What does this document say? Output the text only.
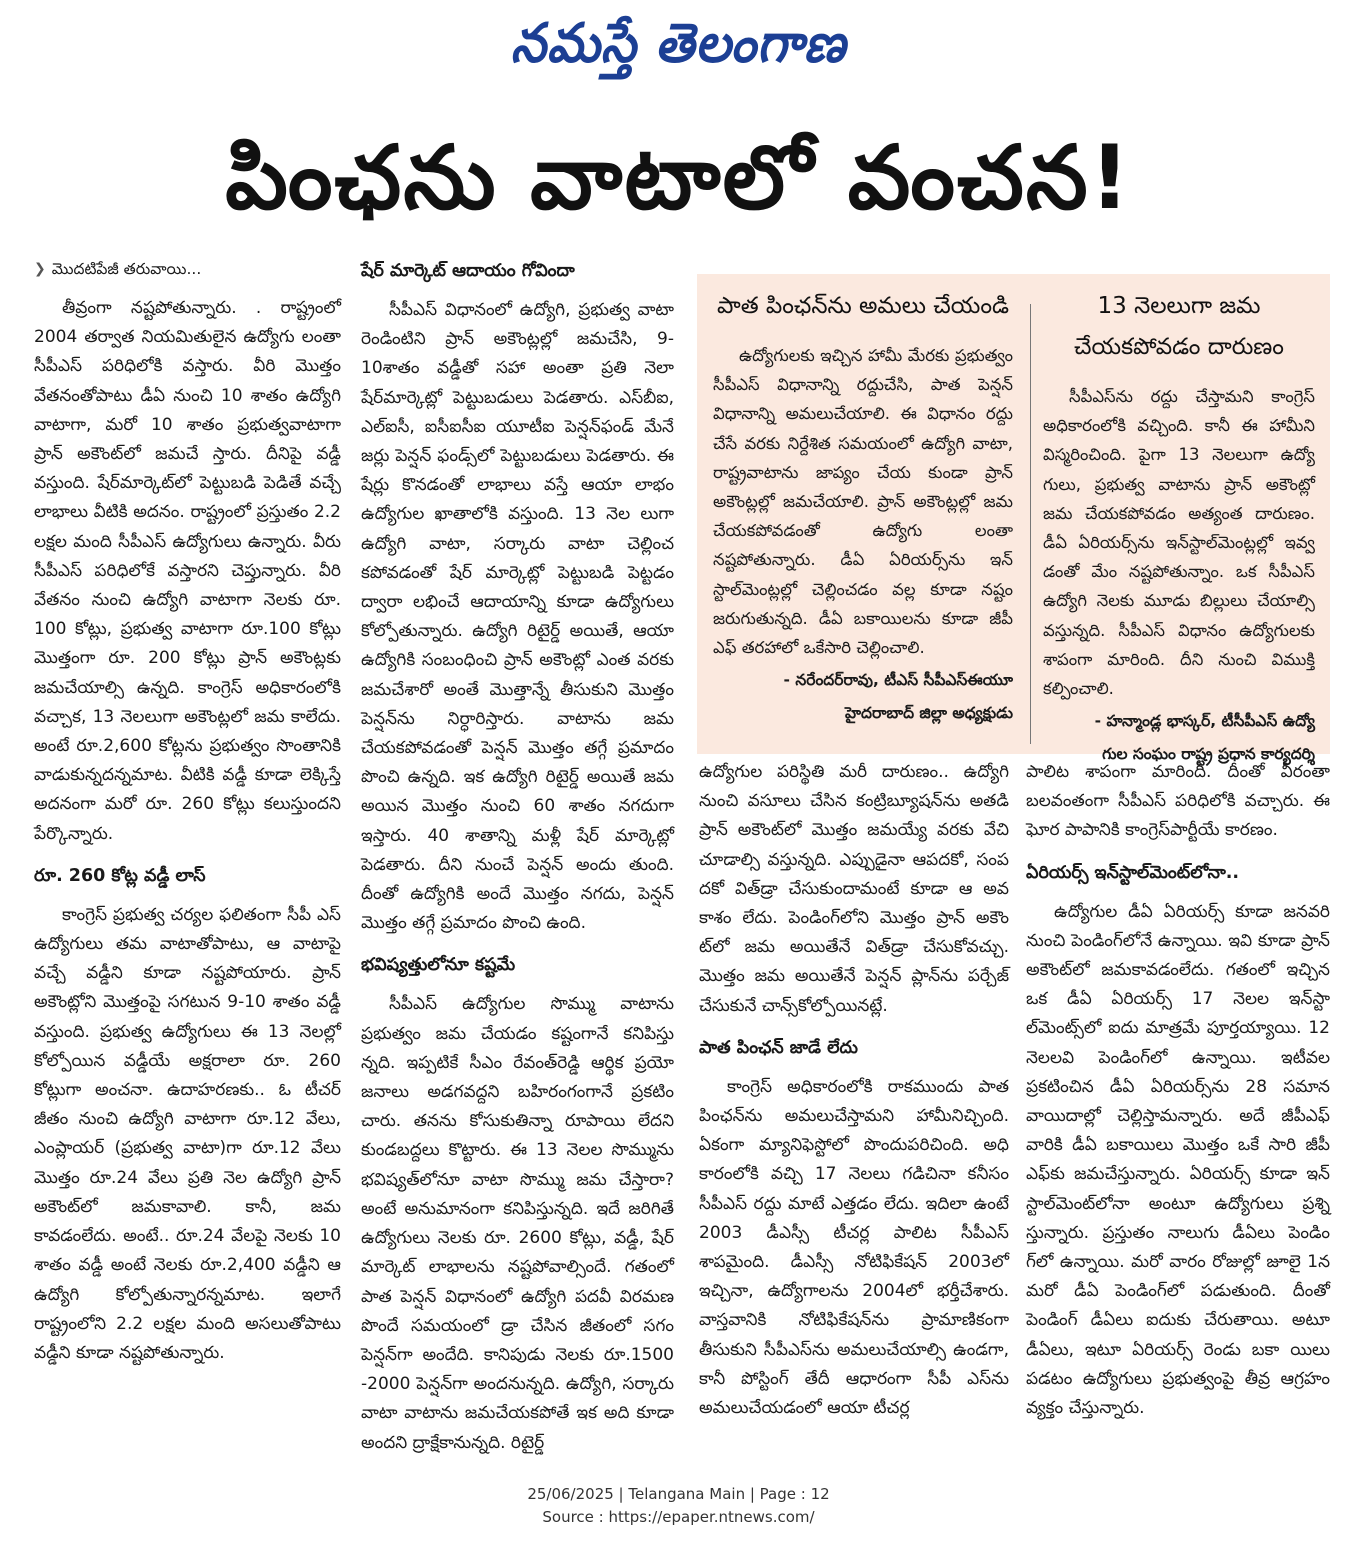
నమస్తే తెలంగాణ
పింఛను వాటాలో వంచన!
❯ మొదటిపేజీ తరువాయి...

తీవ్రంగా నష్టపోతున్నారు. . రాష్ట్రంలో 2004 తర్వాత నియమితులైన ఉద్యోగు లంతా సీపీఎస్ పరిధిలోకి వస్తారు. వీరి మొత్తం వేతనంతోపాటు డీఏ నుంచి 10 శాతం ఉద్యోగి వాటాగా, మరో 10 శాతం ప్రభుత్వవాటాగా ప్రాన్ అకౌంట్‌లో జమచే స్తారు. దీనిపై వడ్డీ వస్తుంది. షేర్‌మార్కెట్‌లో పెట్టుబడి పెడితే వచ్చే లాభాలు వీటికి అదనం. రాష్ట్రంలో ప్రస్తుతం 2.2 లక్షల మంది సీపీఎస్ ఉద్యోగులు ఉన్నారు. వీరు సీపీఎస్ పరిధిలోకే వస్తారని చెప్తున్నారు. వీరి వేతనం నుంచి ఉద్యోగి వాటాగా నెలకు రూ. 100 కోట్లు, ప్రభుత్వ వాటాగా రూ.100 కోట్లు మొత్తంగా రూ. 200 కోట్లు ప్రాన్ అకౌంట్లకు జమచేయాల్సి ఉన్నది. కాంగ్రెస్ అధికారంలోకి వచ్చాక, 13 నెలలుగా అకౌంట్లలో జమ కాలేదు. అంటే రూ.2,600 కోట్లను ప్రభుత్వం సొంతానికి వాడుకున్నదన్నమాట. వీటికి వడ్డీ కూడా లెక్కిస్తే అదనంగా మరో రూ. 260 కోట్లు కలుస్తుందని పేర్కొన్నారు.

రూ. 260 కోట్ల వడ్డీ లాస్

కాంగ్రెస్ ప్రభుత్వ చర్యల ఫలితంగా సీపీ ఎస్ ఉద్యోగులు తమ వాటాతోపాటు, ఆ వాటాపై వచ్చే వడ్డీని కూడా నష్టపోయారు. ప్రాన్ అకౌంట్లోని మొత్తంపై సగటున 9-10 శాతం వడ్డీ వస్తుంది. ప్రభుత్వ ఉద్యోగులు ఈ 13 నెలల్లో కోల్పోయిన వడ్డీయే అక్షరాలా రూ. 260 కోట్లుగా అంచనా. ఉదాహరణకు.. ఓ టీచర్ జీతం నుంచి ఉద్యోగి వాటాగా రూ.12 వేలు, ఎంప్లాయర్ (ప్రభుత్వ వాటా)గా రూ.12 వేలు మొత్తం రూ.24 వేలు ప్రతి నెల ఉద్యోగి ప్రాన్ అకౌంట్‌లో జమకావాలి. కానీ, జమ కావడంలేదు. అంటే.. రూ.24 వేలపై నెలకు 10 శాతం వడ్డీ అంటే నెలకు రూ.2,400 వడ్డీని ఆ ఉద్యోగి కోల్పోతున్నారన్నమాట. ఇలాగే రాష్ట్రంలోని 2.2 లక్షల మంది అసలుతోపాటు వడ్డీని కూడా నష్టపోతున్నారు.

షేర్ మార్కెట్ ఆదాయం గోవిందా

సీపీఎస్ విధానంలో ఉద్యోగి, ప్రభుత్వ వాటా రెండింటిని ప్రాన్ అకౌంట్లల్లో జమచేసి, 9-10శాతం వడ్డీతో సహా అంతా ప్రతి నెలా షేర్‌మార్కెట్లో పెట్టుబడులు పెడతారు. ఎస్‌బీఐ, ఎల్ఐసీ, ఐసీఐసీఐ యూటీఐ పెన్షన్‌ఫండ్ మేనే జర్లు పెన్షన్ ఫండ్స్‌లో పెట్టుబడులు పెడతారు. ఈ షేర్లు కొనడంతో లాభాలు వస్తే ఆయా లాభం ఉద్యోగుల ఖాతాలోకి వస్తుంది. 13 నెల లుగా ఉద్యోగి వాటా, సర్కారు వాటా చెల్లించ కపోవడంతో షేర్ మార్కెట్లో పెట్టుబడి పెట్టడం ద్వారా లభించే ఆదాయాన్ని కూడా ఉద్యోగులు కోల్పోతున్నారు. ఉద్యోగి రిటైర్డ్ అయితే, ఆయా ఉద్యోగికి సంబంధించి ప్రాన్ అకౌంట్లో ఎంత వరకు జమచేశారో అంతే మొత్తాన్నే తీసుకుని మొత్తం పెన్షన్‌ను నిర్ధారిస్తారు. వాటాను జమ చేయకపోవడంతో పెన్షన్ మొత్తం తగ్గే ప్రమాదం పొంచి ఉన్నది. ఇక ఉద్యోగి రిటైర్డ్ అయితే జమ అయిన మొత్తం నుంచి 60 శాతం నగదుగా ఇస్తారు. 40 శాతాన్ని మళ్లీ షేర్ మార్కెట్లో పెడతారు. దీని నుంచే పెన్షన్ అందు తుంది. దీంతో ఉద్యోగికి అందే మొత్తం నగదు, పెన్షన్ మొత్తం తగ్గే ప్రమాదం పొంచి ఉంది.

భవిష్యత్తులోనూ కష్టమే

సీపీఎస్ ఉద్యోగుల సొమ్ము వాటాను ప్రభుత్వం జమ చేయడం కష్టంగానే కనిపిస్తు న్నది. ఇప్పటికే సీఎం రేవంత్‌రెడ్డి ఆర్థిక ప్రయో జనాలు అడగవద్దని బహిరంగంగానే ప్రకటిం చారు. తనను కోసుకుతిన్నా రూపాయి లేదని కుండబద్దలు కొట్టారు. ఈ 13 నెలల సొమ్మును భవిష్యత్‌లోనూ వాటా సొమ్ము జమ చేస్తారా? అంటే అనుమానంగా కనిపిస్తున్నది. ఇదే జరిగితే ఉద్యోగులు నెలకు రూ. 2600 కోట్లు, వడ్డీ, షేర్ మార్కెట్ లాభాలను నష్టపోవాల్సిందే. గతంలో పాత పెన్షన్ విధానంలో ఉద్యోగి పదవీ విరమణ పొందే సమయంలో డ్రా చేసిన జీతంలో సగం పెన్షన్‌గా అందేది. కానిపుడు నెలకు రూ.1500 -2000 పెన్షన్‌గా అందనున్నది. ఉద్యోగి, సర్కారు వాటా వాటాను జమచేయకపోతే ఇక అది కూడా అందని ద్రాక్షేకానున్నది. రిటైర్డ్

పాత పింఛన్‌ను అమలు చేయండి

ఉద్యోగులకు ఇచ్చిన హామీ మేరకు ప్రభుత్వం సీపీఎస్ విధానాన్ని రద్దుచేసి, పాత పెన్షన్ విధానాన్ని అమలుచేయాలి. ఈ విధానం రద్దు చేసే వరకు నిర్దేశిత సమయంలో ఉద్యోగి వాటా, రాష్ట్రవాటాను జాప్యం చేయ కుండా ప్రాన్ అకౌంట్లల్లో జమచేయాలి. ప్రాన్ అకౌంట్లల్లో జమ చేయకపోవడంతో ఉద్యోగు లంతా నష్టపోతున్నారు. డీఏ ఏరియర్స్‌ను ఇన్ స్టాల్‌మెంట్లల్లో చెల్లించడం వల్ల కూడా నష్టం జరుగుతున్నది. డీఏ బకాయిలను కూడా జీపీ ఎఫ్ తరహాలో ఒకేసారి చెల్లించాలి.

- నరేందర్‌రావు, టీఎస్ సీపీఎస్ఈయూ
హైదరాబాద్ జిల్లా అధ్యక్షుడు
13 నెలలుగా జమ చేయకపోవడం దారుణం

సీపీఎస్‌ను రద్దు చేస్తామని కాంగ్రెస్ అధికారంలోకి వచ్చింది. కానీ ఈ హామీని విస్మరించింది. పైగా 13 నెలలుగా ఉద్యో గులు, ప్రభుత్వ వాటాను ప్రాన్ అకౌంట్లో జమ చేయకపోవడం అత్యంత దారుణం. డీఏ ఏరియర్స్‌ను ఇన్‌స్టాల్‌మెంట్లల్లో ఇవ్వ డంతో మేం నష్టపోతున్నాం. ఒక సీపీఎస్ ఉద్యోగి నెలకు మూడు బిల్లులు చేయాల్సి వస్తున్నది. సీపీఎస్ విధానం ఉద్యోగులకు శాపంగా మారింది. దీని నుంచి విముక్తి కల్పించాలి.

- హన్మాండ్ల భాస్కర్, టీసీపీఎస్ ఉద్యో
గుల సంఘం రాష్ట్ర ప్రధాన కార్యదర్శి

ఉద్యోగుల పరిస్థితి మరీ దారుణం.. ఉద్యోగి నుంచి వసూలు చేసిన కంట్రిబ్యూషన్‌ను అతడి ప్రాన్ అకౌంట్‌లో మొత్తం జమయ్యే వరకు వేచి చూడాల్సి వస్తున్నది. ఎప్పుడైనా ఆపదకో, సంప దకో విత్‌డ్రా చేసుకుందామంటే కూడా ఆ అవ కాశం లేదు. పెండింగ్‌లోని మొత్తం ప్రాన్ అకౌం ట్‌లో జమ అయితేనే విత్‌డ్రా చేసుకోవచ్చు. మొత్తం జమ అయితేనే పెన్షన్ ప్లాన్‌ను పర్చేజ్ చేసుకునే చాన్స్‌కోల్పోయినట్లే.

పాత పింఛన్ జాడే లేదు

కాంగ్రెస్ అధికారంలోకి రాకముందు పాత పింఛన్‌ను అమలుచేస్తామని హామీనిచ్చింది. ఏకంగా మ్యానిఫెస్టోలో పొందుపరిచింది. అధి కారంలోకి వచ్చి 17 నెలలు గడిచినా కనీసం సీపీఎస్ రద్దు మాటే ఎత్తడం లేదు. ఇదిలా ఉంటే 2003 డీఎస్సీ టీచర్ల పాలిట సీపీఎస్ శాపమైంది. డీఎస్సీ నోటిఫికేషన్ 2003లో ఇచ్చినా, ఉద్యోగాలను 2004లో భర్తీచేశారు. వాస్తవానికి నోటిఫికేషన్‌ను ప్రామాణికంగా తీసుకుని సీపీఎస్‌ను అమలుచేయాల్సి ఉండగా, కానీ పోస్టింగ్ తేదీ ఆధారంగా సీపీ ఎస్‌ను అమలుచేయడంలో ఆయా టీచర్ల

పాలిట శాపంగా మారింది. దీంతో వీరంతా బలవంతంగా సీపీఎస్ పరిధిలోకి వచ్చారు. ఈ ఘోర పాపానికి కాంగ్రెస్‌పార్టీయే కారణం.

ఏరియర్స్ ఇన్‌స్టాల్‌మెంట్‌లోనా..

ఉద్యోగుల డీఏ ఏరియర్స్ కూడా జనవరి నుంచి పెండింగ్‌లోనే ఉన్నాయి. ఇవి కూడా ప్రాన్ అకౌంట్‌లో జమకావడంలేదు. గతంలో ఇచ్చిన ఒక డీఏ ఏరియర్స్ 17 నెలల ఇన్‌స్టా ల్‌మెంట్స్‌లో ఐదు మాత్రమే పూర్తయ్యాయి. 12 నెలలవి పెండింగ్‌లో ఉన్నాయి. ఇటీవల ప్రకటించిన డీఏ ఏరియర్స్‌ను 28 సమాన వాయిదాల్లో చెల్లిస్తామన్నారు. అదే జీపీఎఫ్ వారికి డీఏ బకాయిలు మొత్తం ఒకే సారి జీపీ ఎఫ్‌కు జమచేస్తున్నారు. ఏరియర్స్ కూడా ఇన్ స్టాల్‌మెంట్‌లోనా అంటూ ఉద్యోగులు ప్రశ్ని స్తున్నారు. ప్రస్తుతం నాలుగు డీఏలు పెండిం గ్‌లో ఉన్నాయి. మరో వారం రోజుల్లో జూలై 1న మరో డీఏ పెండింగ్‌లో పడుతుంది. దీంతో పెండింగ్ డీఏలు ఐదుకు చేరుతాయి. అటూ డీఏలు, ఇటూ ఏరియర్స్ రెండు బకా యిలు పడటం ఉద్యోగులు ప్రభుత్వంపై తీవ్ర ఆగ్రహం వ్యక్తం చేస్తున్నారు.

25/06/2025 | Telangana Main | Page : 12
Source : https://epaper.ntnews.com/
